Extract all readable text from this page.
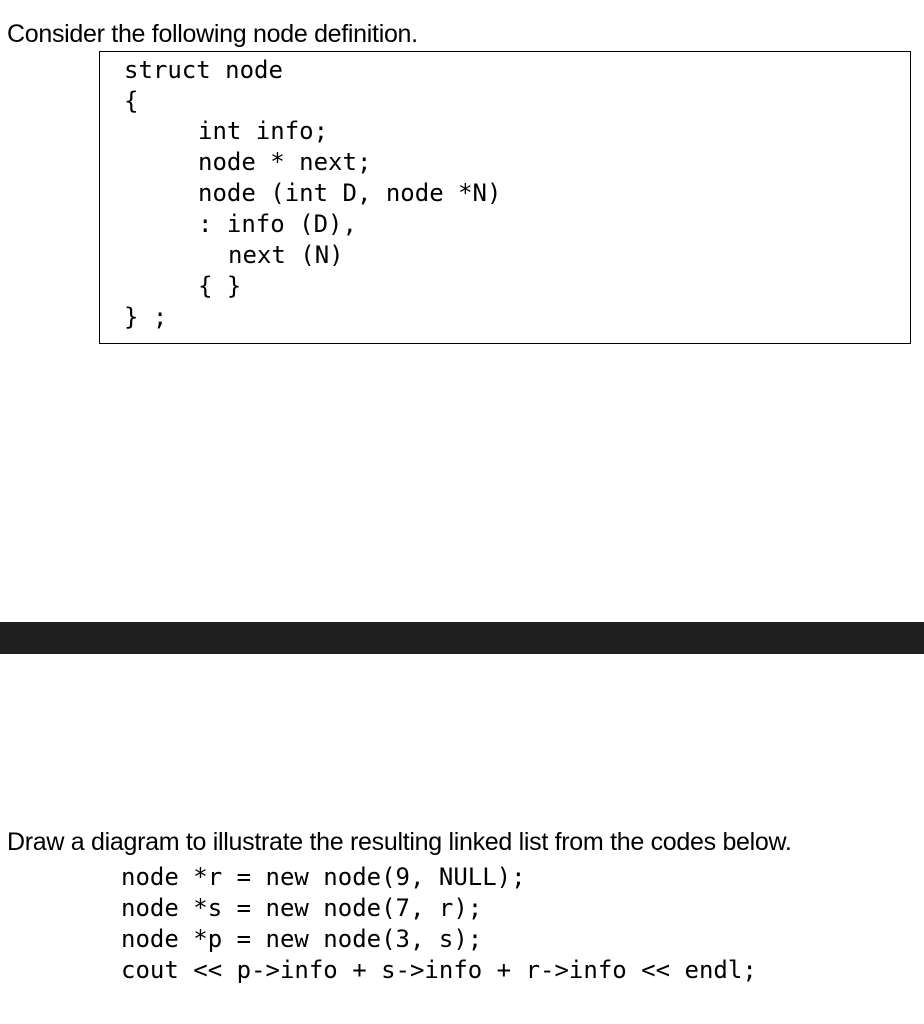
Consider the following node definition.
struct node
{
int info;
node * next;
node (int D, node *N)
: info (D),
next (N)
{ }
} ;
Draw a diagram to illustrate the resulting linked list from the codes below.
node *r = new node(9, NULL);
node *s = new node(7, r);
node *p = new node(3, s);
cout << p->info + s->info + r->info << endl;
